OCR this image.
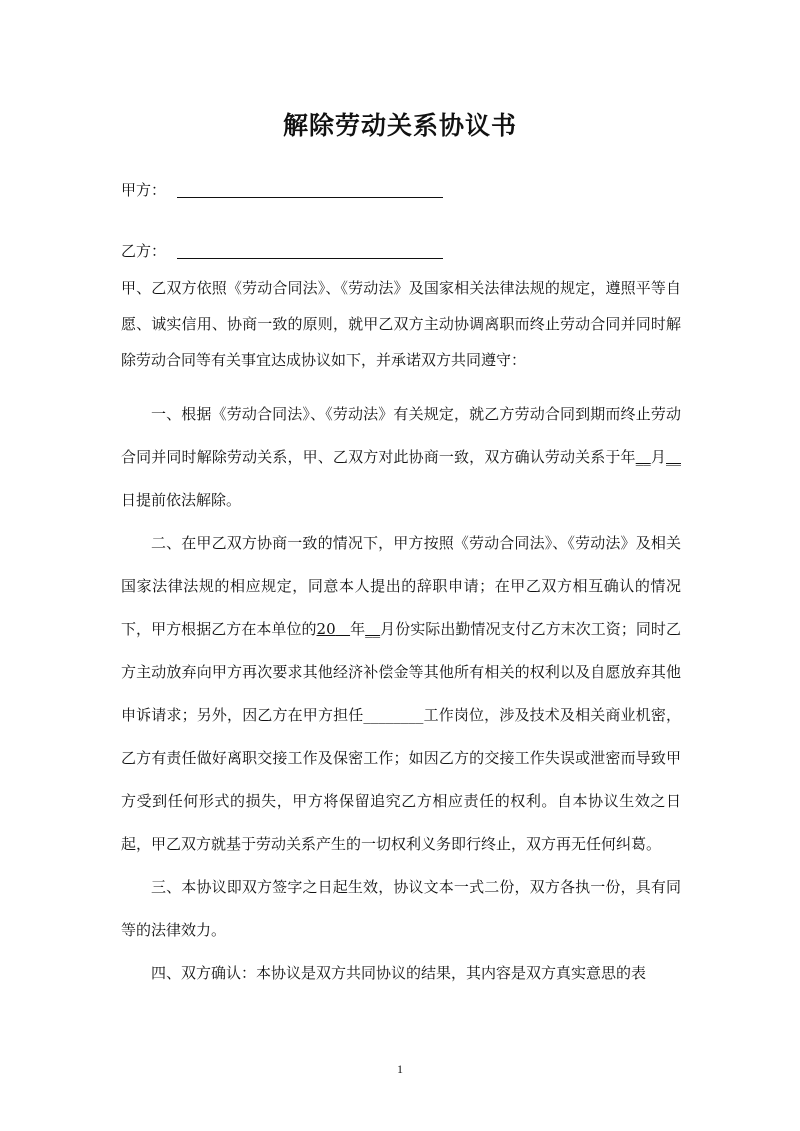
解除劳动关系协议书
甲方：
乙方：
甲、乙双方依照《劳动合同法》、《劳动法》及国家相关法律法规的规定，遵照平等自愿、诚实信用、协商一致的原则，就甲乙双方主动协调离职而终止劳动合同并同时解除劳动合同等有关事宜达成协议如下，并承诺双方共同遵守：

一、根据《劳动合同法》、《劳动法》有关规定，就乙方劳动合同到期而终止劳动合同并同时解除劳动关系，甲、乙双方对此协商一致，双方确认劳动关系于年__月__日提前依法解除。

二、在甲乙双方协商一致的情况下，甲方按照《劳动合同法》、《劳动法》及相关国家法律法规的相应规定，同意本人提出的辞职申请；在甲乙双方相互确认的情况下，甲方根据乙方在本单位的20 年__月份实际出勤情况支付乙方末次工资；同时乙方主动放弃向甲方再次要求其他经济补偿金等其他所有相关的权利以及自愿放弃其他申诉请求；另外，因乙方在甲方担任________工作岗位，涉及技术及相关商业机密，乙方有责任做好离职交接工作及保密工作；如因乙方的交接工作失误或泄密而导致甲方受到任何形式的损失，甲方将保留追究乙方相应责任的权利。自本协议生效之日起，甲乙双方就基于劳动关系产生的一切权利义务即行终止，双方再无任何纠葛。

三、本协议即双方签字之日起生效，协议文本一式二份，双方各执一份，具有同等的法律效力。

四、双方确认：本协议是双方共同协议的结果，其内容是双方真实意思的表

1
